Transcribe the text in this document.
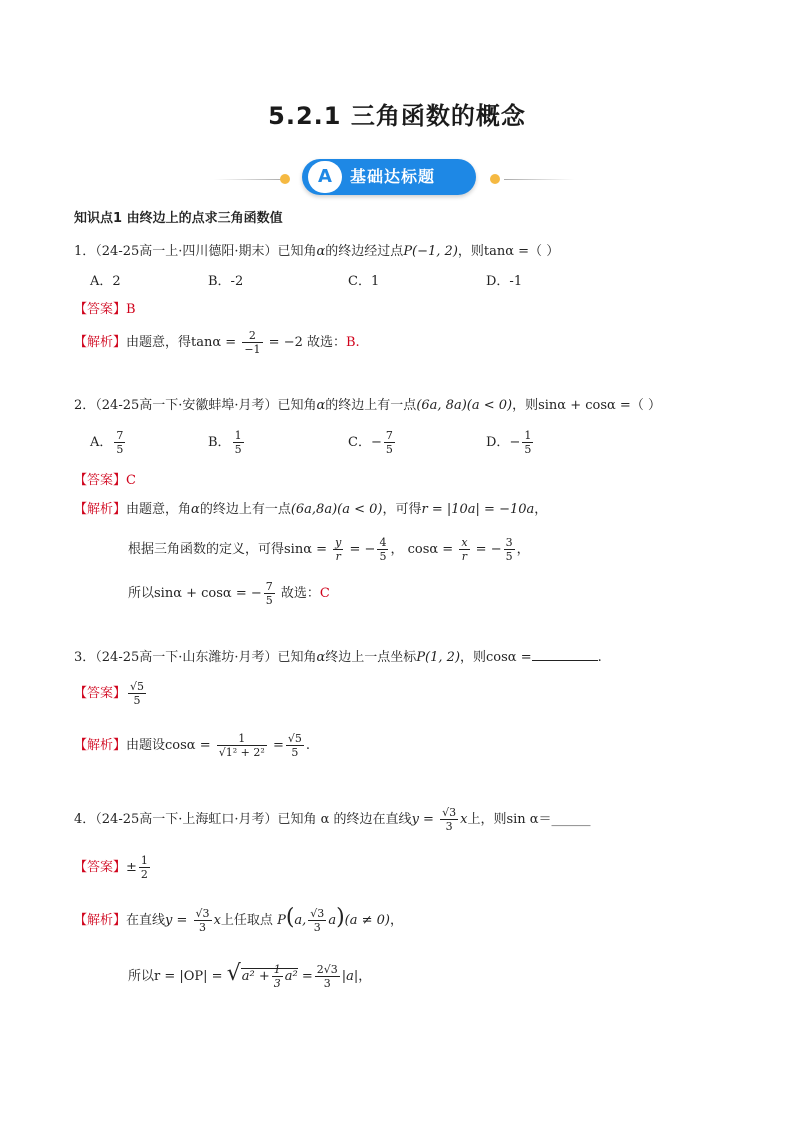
5.2.1 三角函数的概念
A	基础达标题
知识点1 由终边上的点求三角函数值
1．（24-25高一上·四川德阳·期末）已知角α的终边经过点P(−1, 2)，则tanα =（ ）
A．2	B．-2	C．1	D．-1
【答案】B
【解析】由题意，得$\tan\alpha = \frac{2}{-1} = -2$ 故选：B.
2．（24-25高一下·安徽蚌埠·月考）已知角α的终边上有一点(6a, 8a)(a < 0)，则sinα + cosα =（ ）
A． $\frac{7}{5}$	B． $\frac{1}{5}$	C．− $\frac{7}{5}$	D．− $\frac{1}{5}$
【答案】C
【解析】由题意，角α的终边上有一点(6a,8a)(a < 0)，可得r = |10a| = −10a，
根据三角函数的定义，可得$\sin\alpha = \frac{y}{r}$ = − $\frac{4}{5}$ ， $\cos\alpha = \frac{x}{r}$ = − $\frac{3}{5}$ ，
所以sinα + cosα = − $\frac{7}{5}$ 故选：C
3．（24-25高一下·山东潍坊·月考）已知角α终边上一点坐标P(1, 2)，则cosα =	.
【答案】 $\frac{√5}{5}$
【解析】由题设$\cos\alpha = \frac{1}{\text{√1² + 2²}} = \frac{√5}{5}$ .
4．（24-25高一下·上海虹口·月考）已知角 α 的终边在直线$y = \frac{√3}{3}$ x上，则sin α＝______
【答案】± $\frac{1}{2}$
【解析】在直线$y = \frac{√3}{3}$ x上任取点 P(a, $\frac{√3}{3} a)(a \ne 0)$，
所以$r = |OP| = √a^2 + \frac{1}{3} a^2 = \frac{2√3}{3} |a|$，
